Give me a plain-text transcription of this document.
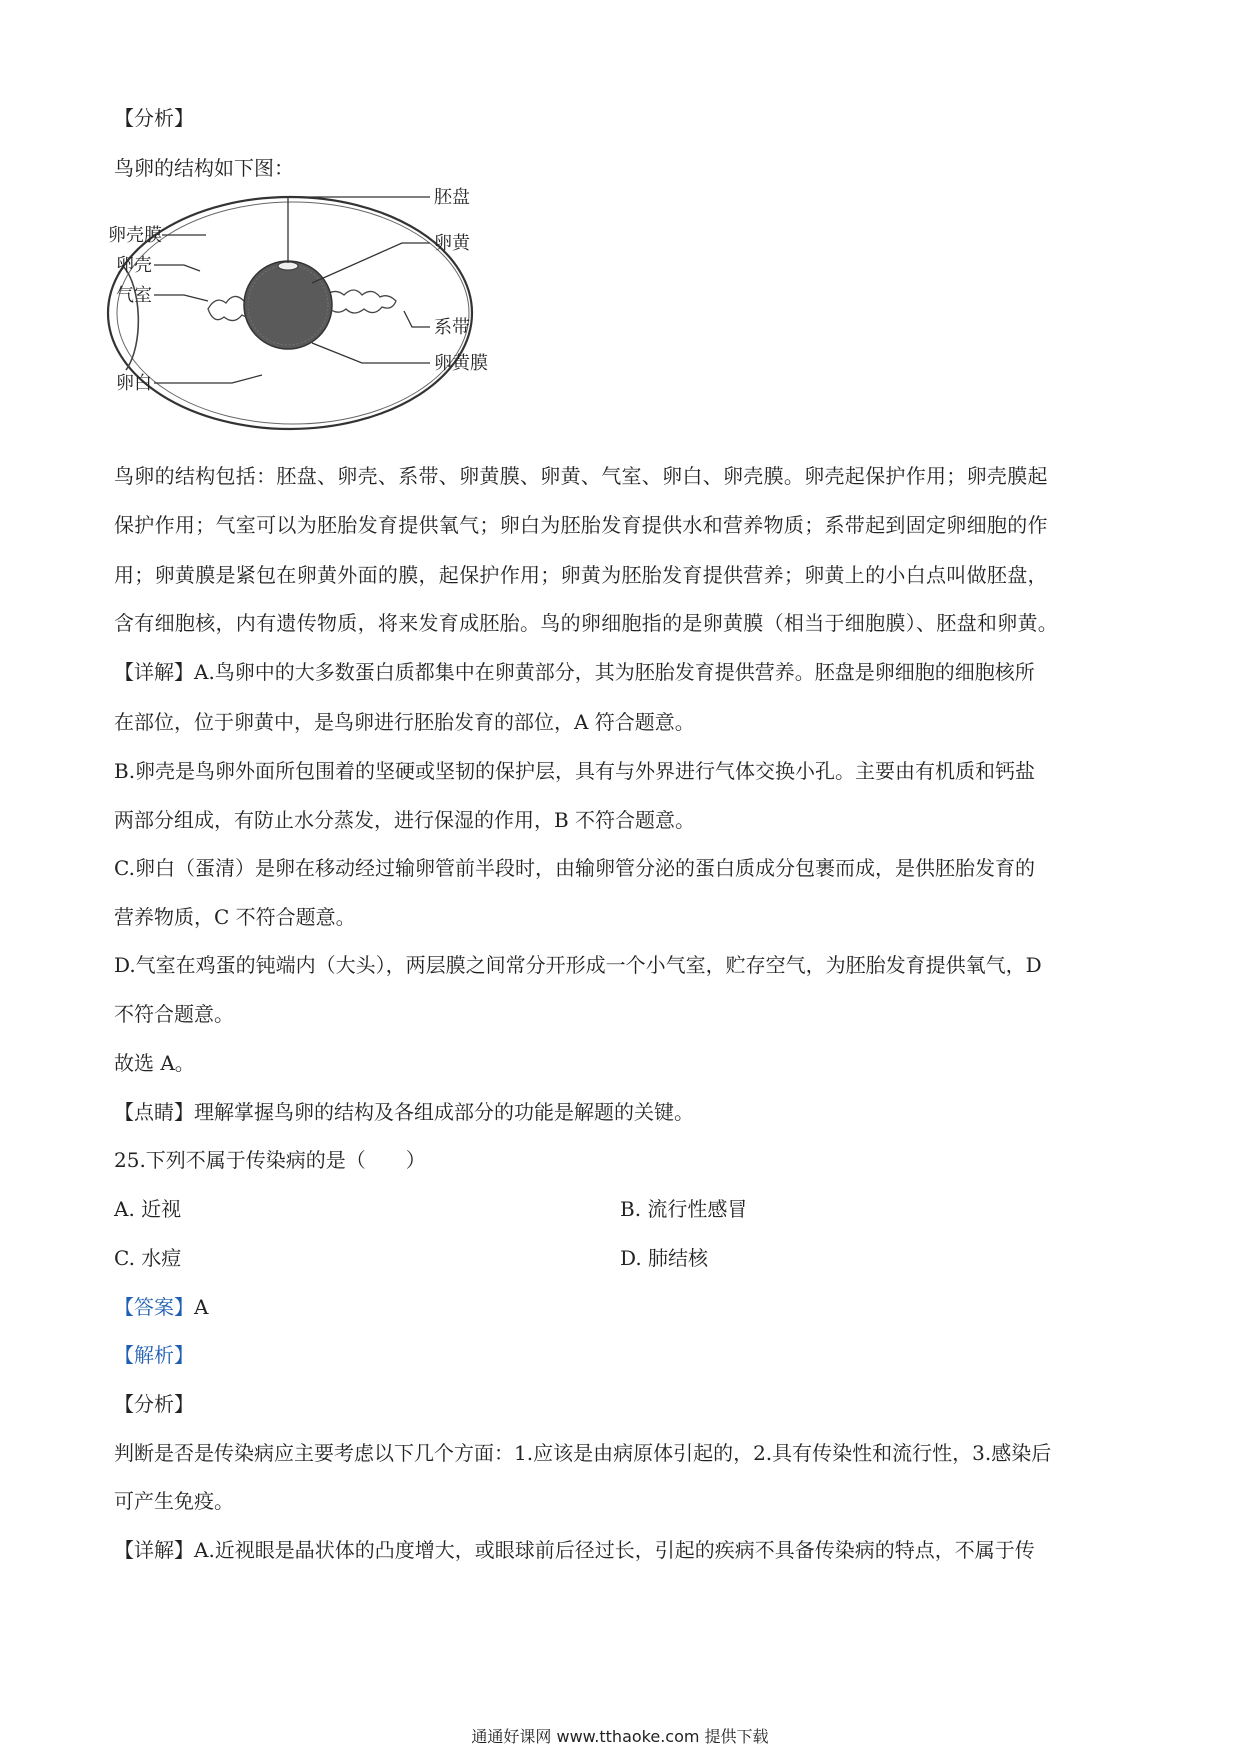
【分析】
鸟卵的结构如下图：
胚盘
卵壳膜	卵黄
卵壳
气室
系带
卵黄膜
卵白
鸟卵的结构包括：胚盘、卵壳、系带、卵黄膜、卵黄、气室、卵白、卵壳膜。卵壳起保护作用；卵壳膜起
保护作用；气室可以为胚胎发育提供氧气；卵白为胚胎发育提供水和营养物质；系带起到固定卵细胞的作
用；卵黄膜是紧包在卵黄外面的膜，起保护作用；卵黄为胚胎发育提供营养；卵黄上的小白点叫做胚盘，
含有细胞核，内有遗传物质，将来发育成胚胎。鸟的卵细胞指的是卵黄膜（相当于细胞膜）、胚盘和卵黄。
【详解】A.鸟卵中的大多数蛋白质都集中在卵黄部分，其为胚胎发育提供营养。胚盘是卵细胞的细胞核所
在部位，位于卵黄中，是鸟卵进行胚胎发育的部位，A 符合题意。
B.卵壳是鸟卵外面所包围着的坚硬或坚韧的保护层，具有与外界进行气体交换小孔。主要由有机质和钙盐
两部分组成，有防止水分蒸发，进行保湿的作用，B 不符合题意。
C.卵白（蛋清）是卵在移动经过输卵管前半段时，由输卵管分泌的蛋白质成分包裹而成，是供胚胎发育的
营养物质，C 不符合题意。
D.气室在鸡蛋的钝端内（大头），两层膜之间常分开形成一个小气室，贮存空气，为胚胎发育提供氧气，D
不符合题意。
故选 A。
【点睛】理解掌握鸟卵的结构及各组成部分的功能是解题的关键。
25.下列不属于传染病的是（　　）
A. 近视	B. 流行性感冒
C. 水痘	D. 肺结核
【答案】A
【解析】
【分析】
判断是否是传染病应主要考虑以下几个方面：1.应该是由病原体引起的，2.具有传染性和流行性，3.感染后
可产生免疫。
【详解】A.近视眼是晶状体的凸度增大，或眼球前后径过长，引起的疾病不具备传染病的特点，不属于传
通通好课网 www.tthaoke.com 提供下载
